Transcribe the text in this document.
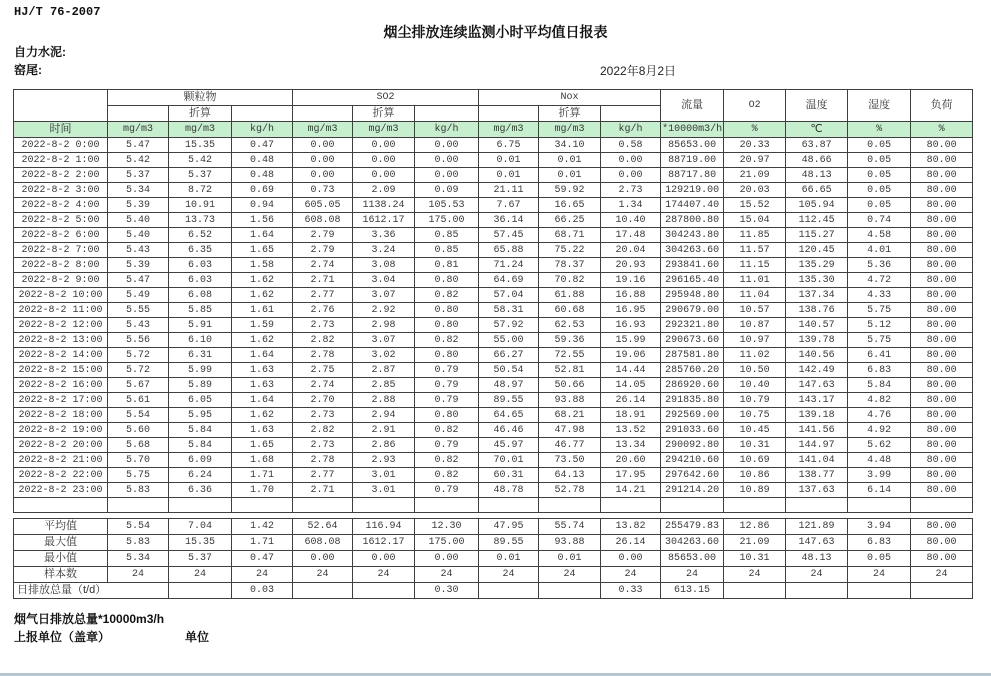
HJ/T 76-2007
烟尘排放连续监测小时平均值日报表
自力水泥:
窑尾:	2022年8月2日
	颗粒物			SO2			Nox			流量	O2	温度	湿度	负荷
		折算			折算			折算						
时间	mg/m3	mg/m3	kg/h	mg/m3	mg/m3	kg/h	mg/m3	mg/m3	kg/h	*10000m3/h	%	℃	%	%
2022-8-2 0:00	5.47	15.35	0.47	0.00	0.00	0.00	6.75	34.10	0.58	85653.00	20.33	63.87	0.05	80.00
2022-8-2 1:00	5.42	5.42	0.48	0.00	0.00	0.00	0.01	0.01	0.00	88719.00	20.97	48.66	0.05	80.00
2022-8-2 2:00	5.37	5.37	0.48	0.00	0.00	0.00	0.01	0.01	0.00	88717.80	21.09	48.13	0.05	80.00
2022-8-2 3:00	5.34	8.72	0.69	0.73	2.09	0.09	21.11	59.92	2.73	129219.00	20.03	66.65	0.05	80.00
2022-8-2 4:00	5.39	10.91	0.94	605.05	1138.24	105.53	7.67	16.65	1.34	174407.40	15.52	105.94	0.05	80.00
2022-8-2 5:00	5.40	13.73	1.56	608.08	1612.17	175.00	36.14	66.25	10.40	287800.80	15.04	112.45	0.74	80.00
2022-8-2 6:00	5.40	6.52	1.64	2.79	3.36	0.85	57.45	68.71	17.48	304243.80	11.85	115.27	4.58	80.00
2022-8-2 7:00	5.43	6.35	1.65	2.79	3.24	0.85	65.88	75.22	20.04	304263.60	11.57	120.45	4.01	80.00
2022-8-2 8:00	5.39	6.03	1.58	2.74	3.08	0.81	71.24	78.37	20.93	293841.60	11.15	135.29	5.36	80.00
2022-8-2 9:00	5.47	6.03	1.62	2.71	3.04	0.80	64.69	70.82	19.16	296165.40	11.01	135.30	4.72	80.00
2022-8-2 10:00	5.49	6.08	1.62	2.77	3.07	0.82	57.04	61.88	16.88	295948.80	11.04	137.34	4.33	80.00
2022-8-2 11:00	5.55	5.85	1.61	2.76	2.92	0.80	58.31	60.68	16.95	290679.00	10.57	138.76	5.75	80.00
2022-8-2 12:00	5.43	5.91	1.59	2.73	2.98	0.80	57.92	62.53	16.93	292321.80	10.87	140.57	5.12	80.00
2022-8-2 13:00	5.56	6.10	1.62	2.82	3.07	0.82	55.00	59.36	15.99	290673.60	10.97	139.78	5.75	80.00
2022-8-2 14:00	5.72	6.31	1.64	2.78	3.02	0.80	66.27	72.55	19.06	287581.80	11.02	140.56	6.41	80.00
2022-8-2 15:00	5.72	5.99	1.63	2.75	2.87	0.79	50.54	52.81	14.44	285760.20	10.50	142.49	6.83	80.00
2022-8-2 16:00	5.67	5.89	1.63	2.74	2.85	0.79	48.97	50.66	14.05	286920.60	10.40	147.63	5.84	80.00
2022-8-2 17:00	5.61	6.05	1.64	2.70	2.88	0.79	89.55	93.88	26.14	291835.80	10.79	143.17	4.82	80.00
2022-8-2 18:00	5.54	5.95	1.62	2.73	2.94	0.80	64.65	68.21	18.91	292569.00	10.75	139.18	4.76	80.00
2022-8-2 19:00	5.60	5.84	1.63	2.82	2.91	0.82	46.46	47.98	13.52	291033.60	10.45	141.56	4.92	80.00
2022-8-2 20:00	5.68	5.84	1.65	2.73	2.86	0.79	45.97	46.77	13.34	290092.80	10.31	144.97	5.62	80.00
2022-8-2 21:00	5.70	6.09	1.68	2.78	2.93	0.82	70.01	73.50	20.60	294210.60	10.69	141.04	4.48	80.00
2022-8-2 22:00	5.75	6.24	1.71	2.77	3.01	0.82	60.31	64.13	17.95	297642.60	10.86	138.77	3.99	80.00
2022-8-2 23:00	5.83	6.36	1.70	2.71	3.01	0.79	48.78	52.78	14.21	291214.20	10.89	137.63	6.14	80.00

平均值	5.54	7.04	1.42	52.64	116.94	12.30	47.95	55.74	13.82	255479.83	12.86	121.89	3.94	80.00
最大值	5.83	15.35	1.71	608.08	1612.17	175.00	89.55	93.88	26.14	304263.60	21.09	147.63	6.83	80.00
最小值	5.34	5.37	0.47	0.00	0.00	0.00	0.01	0.01	0.00	85653.00	10.31	48.13	0.05	80.00
样本数	24	24	24	24	24	24	24	24	24	24	24	24	24	24
日排放总量（t/d）			0.03			0.30			0.33	613.15				
烟气日排放总量*10000m3/h
上报单位（盖章）	单位
